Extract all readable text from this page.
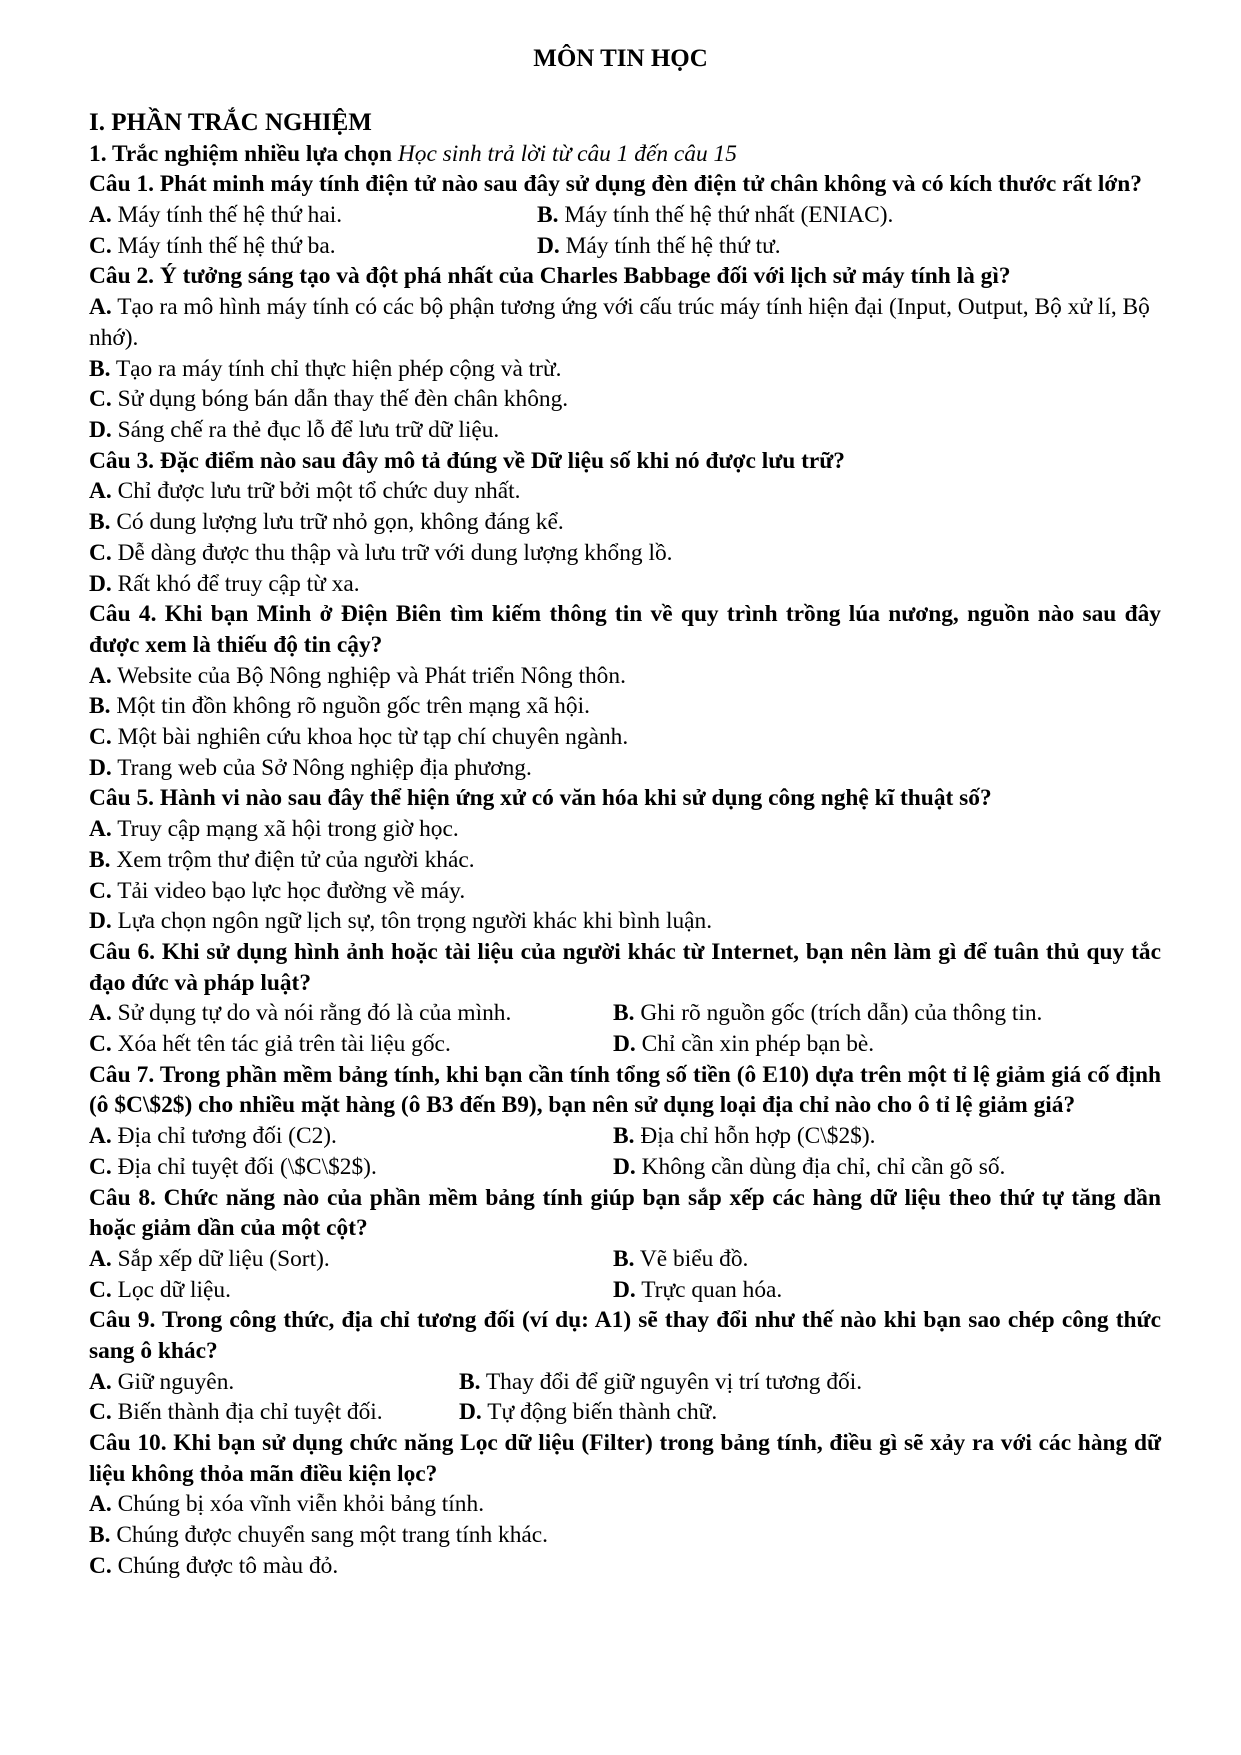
MÔN TIN HỌC
I. PHẦN TRẮC NGHIỆM
1. Trắc nghiệm nhiều lựa chọn Học sinh trả lời từ câu 1 đến câu 15
Câu 1. Phát minh máy tính điện tử nào sau đây sử dụng đèn điện tử chân không và có kích thước rất lớn?
A. Máy tính thế hệ thứ hai.	B. Máy tính thế hệ thứ nhất (ENIAC).
C. Máy tính thế hệ thứ ba.	D. Máy tính thế hệ thứ tư.
Câu 2. Ý tưởng sáng tạo và đột phá nhất của Charles Babbage đối với lịch sử máy tính là gì?
A. Tạo ra mô hình máy tính có các bộ phận tương ứng với cấu trúc máy tính hiện đại (Input, Output, Bộ xử lí, Bộ nhớ).
B. Tạo ra máy tính chỉ thực hiện phép cộng và trừ.
C. Sử dụng bóng bán dẫn thay thế đèn chân không.
D. Sáng chế ra thẻ đục lỗ để lưu trữ dữ liệu.
Câu 3. Đặc điểm nào sau đây mô tả đúng về Dữ liệu số khi nó được lưu trữ?
A. Chỉ được lưu trữ bởi một tổ chức duy nhất.
B. Có dung lượng lưu trữ nhỏ gọn, không đáng kể.
C. Dễ dàng được thu thập và lưu trữ với dung lượng khổng lồ.
D. Rất khó để truy cập từ xa.
Câu 4. Khi bạn Minh ở Điện Biên tìm kiếm thông tin về quy trình trồng lúa nương, nguồn nào sau đây được xem là thiếu độ tin cậy?
A. Website của Bộ Nông nghiệp và Phát triển Nông thôn.
B. Một tin đồn không rõ nguồn gốc trên mạng xã hội.
C. Một bài nghiên cứu khoa học từ tạp chí chuyên ngành.
D. Trang web của Sở Nông nghiệp địa phương.
Câu 5. Hành vi nào sau đây thể hiện ứng xử có văn hóa khi sử dụng công nghệ kĩ thuật số?
A. Truy cập mạng xã hội trong giờ học.
B. Xem trộm thư điện tử của người khác.
C. Tải video bạo lực học đường về máy.
D. Lựa chọn ngôn ngữ lịch sự, tôn trọng người khác khi bình luận.
Câu 6. Khi sử dụng hình ảnh hoặc tài liệu của người khác từ Internet, bạn nên làm gì để tuân thủ quy tắc đạo đức và pháp luật?
A. Sử dụng tự do và nói rằng đó là của mình.	B. Ghi rõ nguồn gốc (trích dẫn) của thông tin.
C. Xóa hết tên tác giả trên tài liệu gốc.	D. Chỉ cần xin phép bạn bè.
Câu 7. Trong phần mềm bảng tính, khi bạn cần tính tổng số tiền (ô E10) dựa trên một tỉ lệ giảm giá cố định (ô $C\$2$) cho nhiều mặt hàng (ô B3 đến B9), bạn nên sử dụng loại địa chỉ nào cho ô tỉ lệ giảm giá?
A. Địa chỉ tương đối (C2).	B. Địa chỉ hỗn hợp (C\$2$).
C. Địa chỉ tuyệt đối (\$C\$2$).	D. Không cần dùng địa chỉ, chỉ cần gõ số.
Câu 8. Chức năng nào của phần mềm bảng tính giúp bạn sắp xếp các hàng dữ liệu theo thứ tự tăng dần hoặc giảm dần của một cột?
A. Sắp xếp dữ liệu (Sort).	B. Vẽ biểu đồ.
C. Lọc dữ liệu.	D. Trực quan hóa.
Câu 9. Trong công thức, địa chỉ tương đối (ví dụ: A1) sẽ thay đổi như thế nào khi bạn sao chép công thức sang ô khác?
A. Giữ nguyên.	B. Thay đổi để giữ nguyên vị trí tương đối.
C. Biến thành địa chỉ tuyệt đối.	D. Tự động biến thành chữ.
Câu 10. Khi bạn sử dụng chức năng Lọc dữ liệu (Filter) trong bảng tính, điều gì sẽ xảy ra với các hàng dữ liệu không thỏa mãn điều kiện lọc?
A. Chúng bị xóa vĩnh viễn khỏi bảng tính.
B. Chúng được chuyển sang một trang tính khác.
C. Chúng được tô màu đỏ.
